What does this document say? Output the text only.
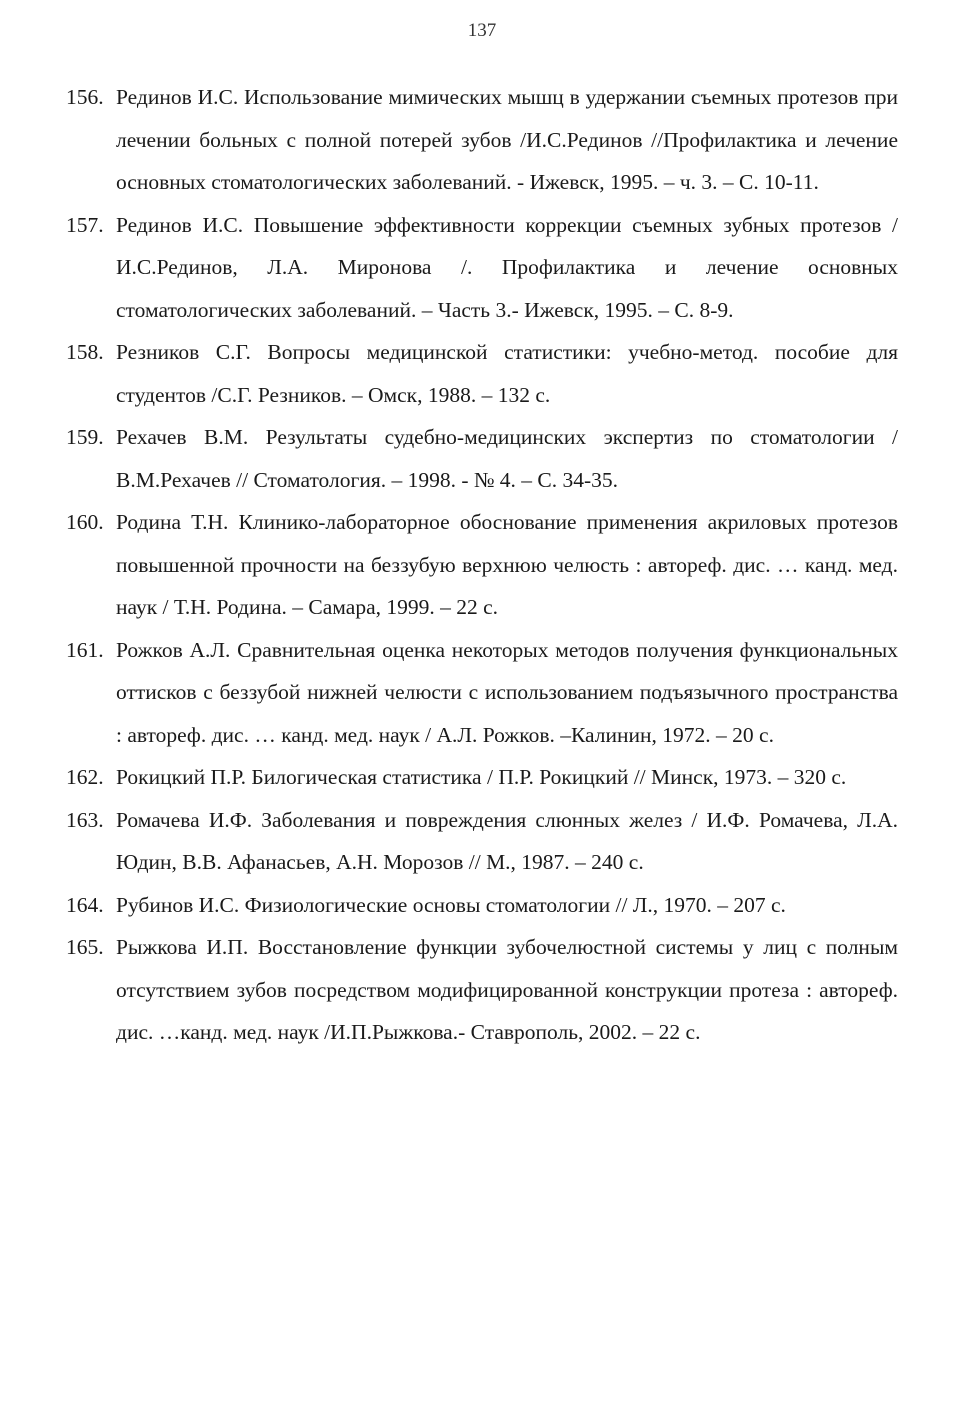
137
156. Рединов И.С. Использование мимических мышц в удержании съемных протезов при лечении больных с полной потерей зубов /И.С.Рединов //Профилактика и лечение основных стоматологических заболеваний. - Ижевск, 1995. – ч. 3. – С. 10-11.
157. Рединов И.С. Повышение эффективности коррекции съемных зубных протезов /И.С.Рединов, Л.А. Миронова /. Профилактика и лечение основных стоматологических заболеваний. – Часть 3.- Ижевск, 1995. – С. 8-9.
158. Резников С.Г. Вопросы медицинской статистики: учебно-метод. пособие для студентов /С.Г. Резников. – Омск, 1988. – 132 с.
159. Рехачев В.М. Результаты судебно-медицинских экспертиз по стоматологии /В.М.Рехачев // Стоматология. – 1998. - № 4. – С. 34-35.
160. Родина Т.Н. Клинико-лабораторное обоснование применения акриловых протезов повышенной прочности на беззубую верхнюю челюсть : автореф. дис. … канд. мед. наук / Т.Н. Родина. – Самара, 1999. – 22 с.
161. Рожков А.Л. Сравнительная оценка некоторых методов получения функциональных оттисков с беззубой нижней челюсти с использованием подъязычного пространства : автореф. дис. … канд. мед. наук / А.Л. Рожков. –Калинин, 1972. – 20 с.
162. Рокицкий П.Р. Билогическая статистика / П.Р. Рокицкий // Минск, 1973. – 320 с.
163. Ромачева И.Ф. Заболевания и повреждения слюнных желез / И.Ф. Ромачева, Л.А. Юдин, В.В. Афанасьев, А.Н. Морозов // М., 1987. – 240 с.
164. Рубинов И.С. Физиологические основы стоматологии // Л., 1970. – 207 с.
165. Рыжкова И.П. Восстановление функции зубочелюстной системы у лиц с полным отсутствием зубов посредством модифицированной конструкции протеза : автореф. дис. …канд. мед. наук /И.П.Рыжкова.- Ставрополь, 2002. – 22 с.
